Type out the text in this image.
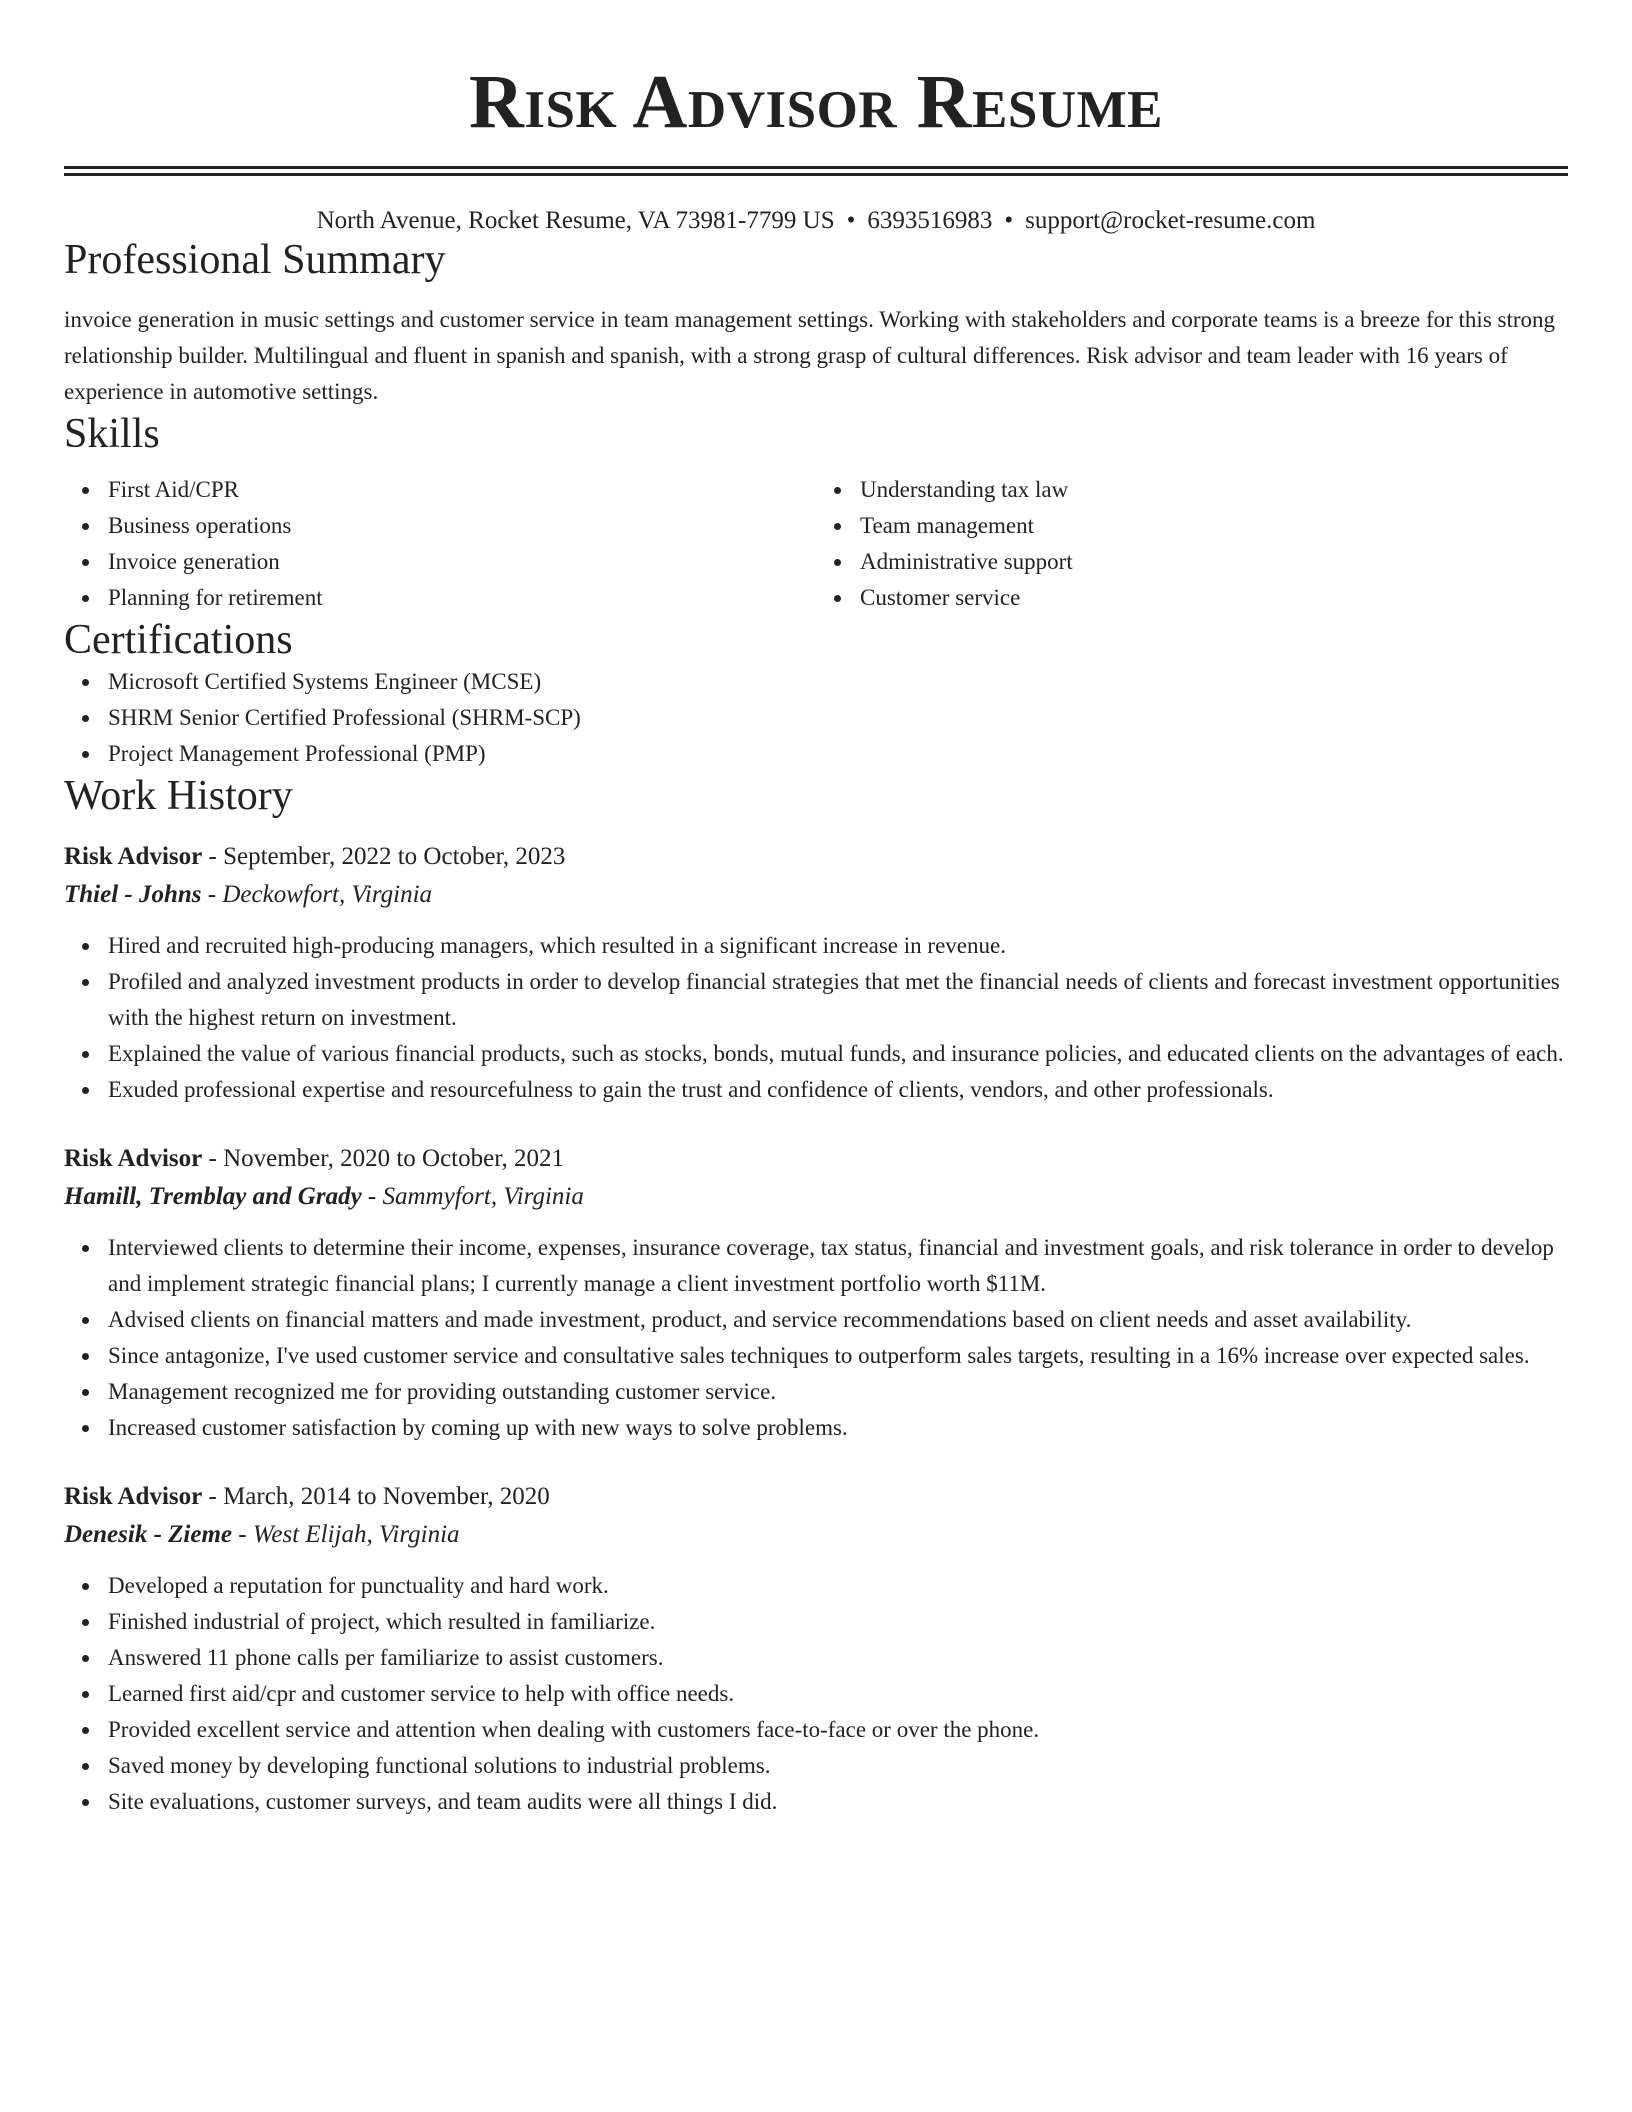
Risk Advisor Resume
North Avenue, Rocket Resume, VA 73981-7799 US • 6393516983 • support@rocket-resume.com
Professional Summary
invoice generation in music settings and customer service in team management settings. Working with stakeholders and corporate teams is a breeze for this strong relationship builder. Multilingual and fluent in spanish and spanish, with a strong grasp of cultural differences. Risk advisor and team leader with 16 years of experience in automotive settings.
Skills
First Aid/CPR
Business operations
Invoice generation
Planning for retirement
Understanding tax law
Team management
Administrative support
Customer service
Certifications
Microsoft Certified Systems Engineer (MCSE)
SHRM Senior Certified Professional (SHRM-SCP)
Project Management Professional (PMP)
Work History
Risk Advisor - September, 2022 to October, 2023
Thiel - Johns - Deckowfort, Virginia
Hired and recruited high-producing managers, which resulted in a significant increase in revenue.
Profiled and analyzed investment products in order to develop financial strategies that met the financial needs of clients and forecast investment opportunities with the highest return on investment.
Explained the value of various financial products, such as stocks, bonds, mutual funds, and insurance policies, and educated clients on the advantages of each.
Exuded professional expertise and resourcefulness to gain the trust and confidence of clients, vendors, and other professionals.
Risk Advisor - November, 2020 to October, 2021
Hamill, Tremblay and Grady - Sammyfort, Virginia
Interviewed clients to determine their income, expenses, insurance coverage, tax status, financial and investment goals, and risk tolerance in order to develop and implement strategic financial plans; I currently manage a client investment portfolio worth $11M.
Advised clients on financial matters and made investment, product, and service recommendations based on client needs and asset availability.
Since antagonize, I've used customer service and consultative sales techniques to outperform sales targets, resulting in a 16% increase over expected sales.
Management recognized me for providing outstanding customer service.
Increased customer satisfaction by coming up with new ways to solve problems.
Risk Advisor - March, 2014 to November, 2020
Denesik - Zieme - West Elijah, Virginia
Developed a reputation for punctuality and hard work.
Finished industrial of project, which resulted in familiarize.
Answered 11 phone calls per familiarize to assist customers.
Learned first aid/cpr and customer service to help with office needs.
Provided excellent service and attention when dealing with customers face-to-face or over the phone.
Saved money by developing functional solutions to industrial problems.
Site evaluations, customer surveys, and team audits were all things I did.
